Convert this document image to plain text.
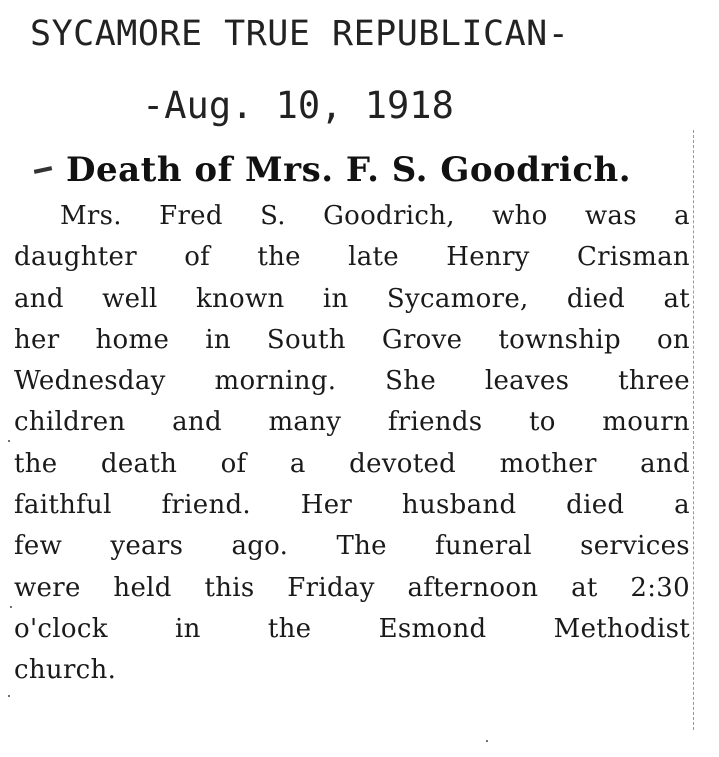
SYCAMORE TRUE REPUBLICAN-
-Aug. 10, 1918
Death of Mrs. F. S. Goodrich.
Mrs. Fred S. Goodrich, who was a
daughter of the late Henry Crisman
and well known in Sycamore, died at
her home in South Grove township on
Wednesday morning. She leaves three
children and many friends to mourn
the death of a devoted mother and
faithful friend. Her husband died a
few years ago. The funeral services
were held this Friday afternoon at 2:30
o'clock	in	the	Esmond	Methodist
church.
